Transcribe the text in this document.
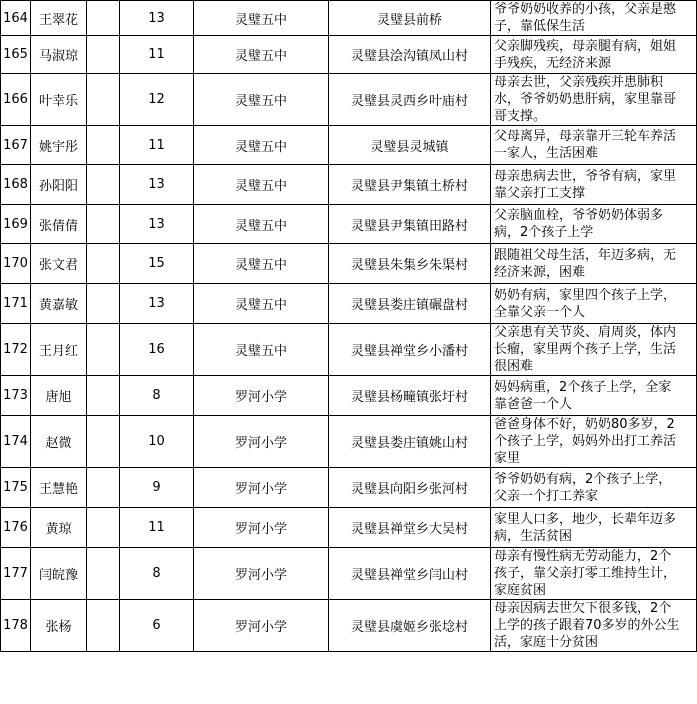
164	王翠花		13	灵璧五中	灵璧县前桥	爷爷奶奶收养的小孩，父亲是憨
子，靠低保生活

165	马淑琼		11	灵璧五中	灵璧县浍沟镇凤山村	父亲脚残疾，母亲腿有病，姐姐
手残疾，无经济来源

166	叶幸乐		12	灵璧五中	灵璧县灵西乡叶庙村	母亲去世，父亲残疾并患肺积
水，爷爷奶奶患肝病，家里靠哥
哥支撑。

167	姚宇彤		11	灵璧五中	灵璧县灵城镇	父母离异，母亲靠开三轮车养活
一家人，生活困难

168	孙阳阳		13	灵璧五中	灵璧县尹集镇土桥村	母亲患病去世，爷爷有病，家里
靠父亲打工支撑

169	张倩倩		13	灵璧五中	灵璧县尹集镇田路村	父亲脑血栓，爷爷奶奶体弱多
病，2个孩子上学

170	张文君		15	灵璧五中	灵璧县朱集乡朱渠村	跟随祖父母生活，年迈多病，无
经济来源，困难

171	黄嘉敏		13	灵璧五中	灵璧县娄庄镇碾盘村	奶奶有病，家里四个孩子上学，
全靠父亲一个人

172	王月红		16	灵璧五中	灵璧县禅堂乡小潘村	父亲患有关节炎、肩周炎，体内
长瘤，家里两个孩子上学，生活
很困难

173	唐旭		8	罗河小学	灵璧县杨疃镇张圩村	妈妈病重，2个孩子上学，全家
靠爸爸一个人

174	赵微		10	罗河小学	灵璧县娄庄镇姚山村	爸爸身体不好，奶奶80多岁，2
个孩子上学，妈妈外出打工养活
家里

175	王慧艳		9	罗河小学	灵璧县向阳乡张河村	爷爷奶奶有病，2个孩子上学，
父亲一个打工养家

176	黄琼		11	罗河小学	灵璧县禅堂乡大吴村	家里人口多，地少，长辈年迈多
病，生活贫困

177	闫皖豫		8	罗河小学	灵璧县禅堂乡闫山村	母亲有慢性病无劳动能力，2个
孩子，靠父亲打零工维持生计，
家庭贫困

178	张杨		6	罗河小学	灵璧县虞姬乡张埝村	母亲因病去世欠下很多钱，2个
上学的孩子跟着70多岁的外公生
活，家庭十分贫困
